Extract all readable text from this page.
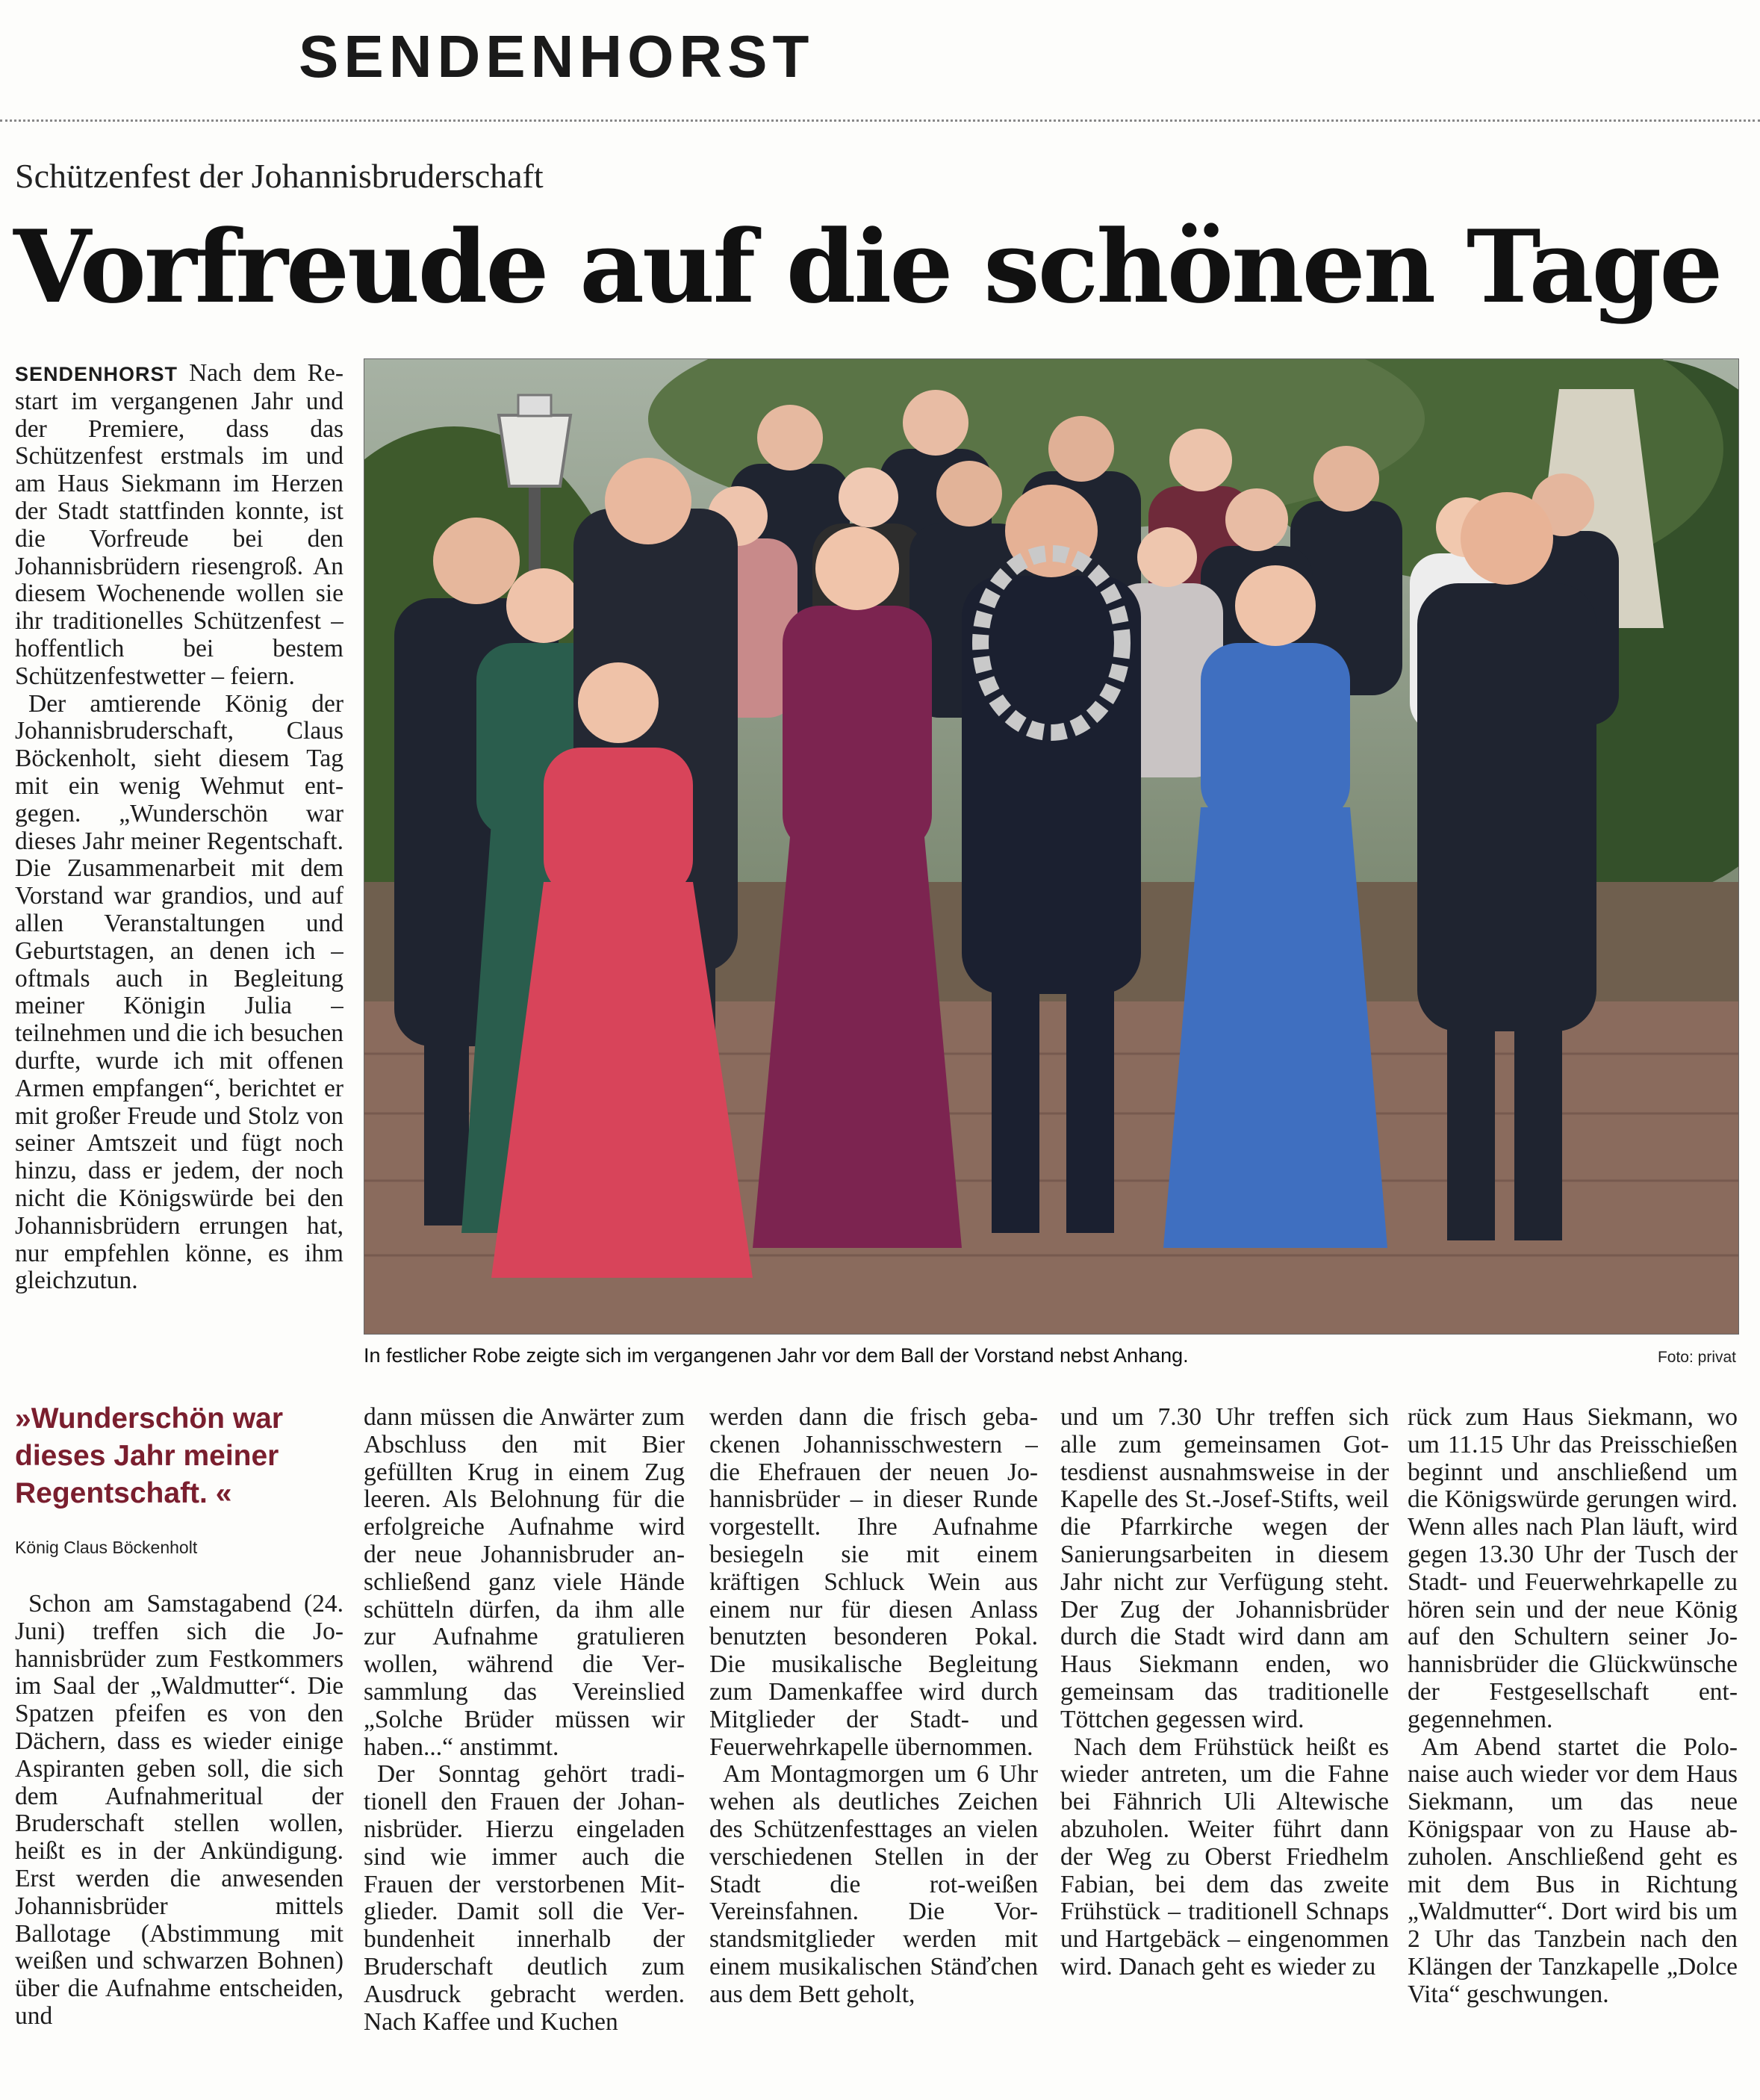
SENDENHORST
Schützenfest der Johannisbruderschaft
Vorfreude auf die schönen Tage

SENDENHORST Nach dem Restart im vergangenen Jahr und der Premiere, dass das Schützenfest erstmals im und am Haus Siekmann im Herzen der Stadt stattfinden konnte, ist die Vorfreude bei den Johannisbrüdern riesengroß. An diesem Wochenende wollen sie ihr traditionelles Schützenfest – hoffentlich bei bestem Schützenfestwetter – feiern.

Der amtierende König der Johannisbruderschaft, Claus Böckenholt, sieht diesem Tag mit ein wenig Wehmut entgegen. „Wunderschön war dieses Jahr meiner Regentschaft. Die Zusammenarbeit mit dem Vorstand war grandios, und auf allen Veranstaltungen und Geburtstagen, an denen ich – oftmals auch in Begleitung meiner Königin Julia – teilnehmen und die ich besuchen durfte, wurde ich mit offenen Armen empfangen“, berichtet er mit großer Freude und Stolz von seiner Amtszeit und fügt noch hinzu, dass er jedem, der noch nicht die Königswürde bei den Johannisbrüdern errungen hat, nur empfehlen könne, es ihm gleichzutun.

In festlicher Robe zeigte sich im vergangenen Jahr vor dem Ball der Vorstand nebst Anhang.	Foto: privat
»Wunderschön war dieses Jahr meiner Regentschaft. «
König Claus Böckenholt

Schon am Samstagabend (24. Juni) treffen sich die Johannisbrüder zum Festkommers im Saal der „Waldmutter“. Die Spatzen pfeifen es von den Dächern, dass es wieder einige Aspiranten geben soll, die sich dem Aufnahmeritual der Bruderschaft stellen wollen, heißt es in der Ankündigung. Erst werden die anwesenden Johannisbrüder mittels Ballotage (Abstimmung mit weißen und schwarzen Bohnen) über die Aufnahme entscheiden, und

dann müssen die Anwärter zum Abschluss den mit Bier gefüllten Krug in einem Zug leeren. Als Belohnung für die erfolgreiche Aufnahme wird der neue Johannisbruder anschließend ganz viele Hände schütteln dürfen, da ihm alle zur Aufnahme gratulieren wollen, während die Versammlung das Vereinslied „Solche Brüder müssen wir haben...“ anstimmt.

Der Sonntag gehört traditionell den Frauen der Johannisbrüder. Hierzu eingeladen sind wie immer auch die Frauen der verstorbenen Mitglieder. Damit soll die Verbundenheit innerhalb der Bruderschaft deutlich zum Ausdruck gebracht werden. Nach Kaffee und Kuchen

werden dann die frisch gebackenen Johannisschwestern – die Ehefrauen der neuen Johannisbrüder – in dieser Runde vorgestellt. Ihre Aufnahme besiegeln sie mit einem kräftigen Schluck Wein aus einem nur für diesen Anlass benutzten besonderen Pokal. Die musikalische Begleitung zum Damenkaffee wird durch Mitglieder der Stadt- und Feuerwehrkapelle übernommen.

Am Montagmorgen um 6 Uhr wehen als deutliches Zeichen des Schützenfesttages an vielen verschiedenen Stellen in der Stadt die rot-weißen Vereinsfahnen. Die Vorstandsmitglieder werden mit einem musikalischen Stänďchen aus dem Bett geholt,

und um 7.30 Uhr treffen sich alle zum gemeinsamen Gottesdienst ausnahmsweise in der Kapelle des St.-Josef-Stifts, weil die Pfarrkirche wegen der Sanierungsarbeiten in diesem Jahr nicht zur Verfügung steht. Der Zug der Johannisbrüder durch die Stadt wird dann am Haus Siekmann enden, wo gemeinsam das traditionelle Töttchen gegessen wird.

Nach dem Frühstück heißt es wieder antreten, um die Fahne bei Fähnrich Uli Altewische abzuholen. Weiter führt dann der Weg zu Oberst Friedhelm Fabian, bei dem das zweite Frühstück – traditionell Schnaps und Hartgebäck – eingenommen wird. Danach geht es wieder zu

rück zum Haus Siekmann, wo um 11.15 Uhr das Preisschießen beginnt und anschließend um die Königswürde gerungen wird. Wenn alles nach Plan läuft, wird gegen 13.30 Uhr der Tusch der Stadt- und Feuerwehrkapelle zu hören sein und der neue König auf den Schultern seiner Johannisbrüder die Glückwünsche der Festgesellschaft entgegennehmen.

Am Abend startet die Polonaise auch wieder vor dem Haus Siekmann, um das neue Königspaar von zu Hause abzuholen. Anschließend geht es mit dem Bus in Richtung „Waldmutter“. Dort wird bis um 2 Uhr das Tanzbein nach den Klängen der Tanzkapelle „Dolce Vita“ geschwungen.
